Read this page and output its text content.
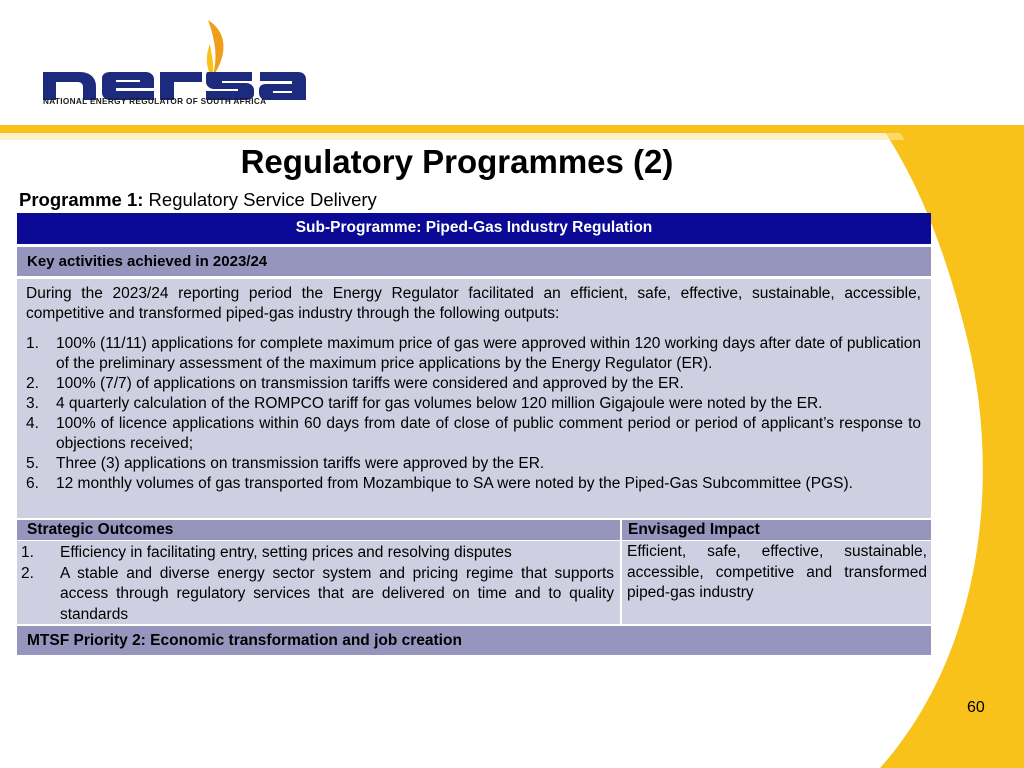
NATIONAL ENERGY REGULATOR OF SOUTH AFRICA
Regulatory Programmes (2)
Programme 1: Regulatory Service Delivery
Sub-Programme: Piped-Gas Industry Regulation
Key activities achieved in 2023/24

During the 2023/24 reporting period the Energy Regulator facilitated an efficient, safe, effective, sustainable, accessible, competitive and transformed piped-gas industry through the following outputs:

1. 100% (11/11) applications for complete maximum price of gas were approved within 120 working days after date of publication of the preliminary assessment of the maximum price applications by the Energy Regulator (ER).
2. 100% (7/7) of applications on transmission tariffs were considered and approved by the ER.
3. 4 quarterly calculation of the ROMPCO tariff for gas volumes below 120 million Gigajoule were noted by the ER.
4. 100% of licence applications within 60 days from date of close of public comment period or period of applicant’s response to objections received;
5. Three (3) applications on transmission tariffs were approved by the ER.
6. 12 monthly volumes of gas transported from Mozambique to SA were noted by the Piped-Gas Subcommittee (PGS).
Strategic Outcomes	Envisaged Impact
1. Efficiency in facilitating entry, setting prices and resolving disputes
2. A stable and diverse energy sector system and pricing regime that supports access through regulatory services that are delivered on time and to quality standards
Efficient, safe, effective, sustainable, accessible, competitive and transformed piped-gas industry
MTSF Priority 2: Economic transformation and job creation
60
